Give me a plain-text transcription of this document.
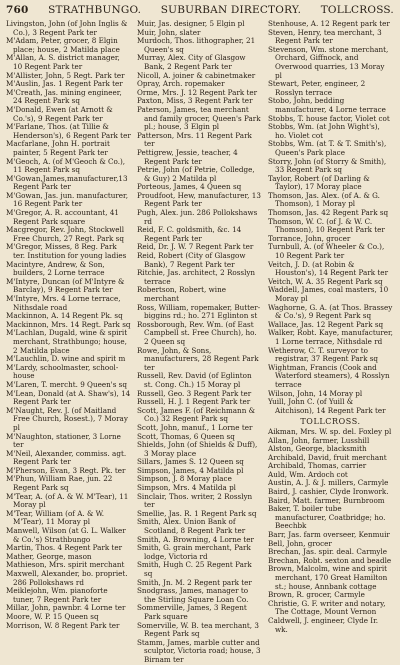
760 STRATHBUNGO. SUBURBAN DIRECTORY. TOLLCROSS.

Livingston, John (of John Inglis & Co.), 3 Regent Park ter

M'Adam, Peter, grocer, 8 Elgin place; house, 2 Matilda place

M'Allan, A. S. district manager, 10 Regent Park ter

M'Allister, John, 5 Regt. Park ter

M'Auslin, Jas. 1 Regent Park ter

M'Creath, Jas. mining engineer, 24 Regent Park sq

M'Donald, Ewen (at Arnott & Co.'s), 9 Regent Park ter

M'Farlane, Thos. (at Tillie & Henderson's), 6 Regent Park ter

Macfarlane, John H. portrait painter, 5 Regent Park ter

M'Geoch, A. (of M'Geoch & Co.), 11 Regent Park sq

M'Gowan,James,manufacturer,13 Regent Park ter

M'Gowan, Jas. jun. manufacturer, 16 Regent Park ter

M'Gregor, A. R. accountant, 41 Regent Park square

Macgregor, Rev. John, Stockwell Free Church, 27 Regt. Park sq

M'Gregor, Misses, 8 Reg. Park ter. Institution for young ladies

Macintyre, Andrew, & Son, builders, 2 Lorne terrace

M'Intyre, Duncan (of M'Intyre & Barclay), 9 Regent Park ter

M'Intyre, Mrs. 4 Lorne terrace, Nithsdale road

Mackinnon, A. 14 Regent Pk. sq

Mackinnon, Mrs. 14 Regt. Park sq

M'Lachlan, Dugald, wine & spirit merchant, Strathbungo; house, 2 Matilda place

M'Lauchlin, D. wine and spirit m

M'Lardy, schoolmaster, school-house

M'Laren, T. mercht. 9 Queen's sq

M'Lean, Donald (at A. Shaw's), 14 Regent Park ter

M'Naught, Rev. J. (of Maitland Free Church, Rosest.), 7 Moray pl

M'Naughton, stationer, 3 Lorne ter

M'Neil, Alexander, commiss. agt. Regent Park ter

M'Pherson, Evan, 3 Regt. Pk. ter

M'Phun, William Rae, jun. 22 Regent Park sq

M'Tear, A. (of A. & W. M'Tear), 11 Moray pl

M'Tear, William (of A. & W. M'Tear), 11 Moray pl

Manwell, Wilson (at G. L. Walker & Co.'s) Strathbungo

Martin, Thos. 4 Regent Park ter

Mather, George, mason

Mathieson, Mrs. spirit merchant

Maxwell, Alexander, bo. propriet. 286 Pollokshaws rd

Meiklejohn, Wm. pianoforte tuner, 7 Regent Park ter

Millar, John, pawnbr. 4 Lorne ter

Moore, W. P. 15 Queen sq

Morrison, W. 8 Regent Park ter

Muir, Jas. designer, 5 Elgin pl

Muir, John, slater

Murdoch, Thos. lithographer, 21 Queen's sq

Murray, Alex. City of Glasgow Bank, 2 Regent Park ter

Nicoll, A. joiner & cabinetmaker

Opray, Arch. ropemaker

Orme, Mrs. J. 12 Regent Park ter

Paxton, Miss, 3 Regent Park ter

Paterson, James, tea merchant and family grocer, Queen's Park pl.; house, 3 Elgin pl

Patterson, Mrs. 11 Regent Park ter

Pettigrew, Jessie, teacher, 4 Regent Park ter

Petrie, John (of Petrie, Colledge, & Guy) 2 Matilda pl

Porteous, James, 4 Queen sq

Proudfoot, Hew, manufacturer, 13 Regent Park ter

Pugh, Alex. jun. 286 Pollokshaws rd

Reid, F. C. goldsmith, &c. 14 Regent Park ter

Reid, Dr. J. W. 7 Regent Park ter

Reid, Robert (City of Glasgow Bank), 7 Regent Park ter

Ritchie, Jas. architect, 2 Rosslyn terrace

Robertson, Robert, wine merchant

Ross, William, ropemaker, Butter-biggins rd.; ho. 271 Eglinton st

Rossborough, Rev. Wm. (of East Campbell st. Free Church), ho. 2 Queen sq

Rowe, John, & Sons, manufacturers, 28 Regent Park ter

Russell, Rev. David (of Eglinton st. Cong. Ch.) 15 Moray pl

Russell, Geo. 3 Regent Park ter

Russell, H. J. 1 Regent Park ter

Scott, James F. (of Reichmann & Co.) 32 Regent Park sq

Scott, John, manuf., 1 Lorne ter

Scott, Thomas, 6 Queen sq

Shields, John (of Shields & Duff), 3 Moray place

Sillars, James S. 12 Queen sq

Simpson, James, 4 Matilda pl

Simpson, J. 8 Moray place

Simpson, Mrs. 4 Matilda pl

Sinclair, Thos. writer, 2 Rosslyn ter

Smellie, Jas. R. 1 Regent Park sq

Smith, Alex. Union Bank of Scotland, 8 Regent Park ter

Smith, A. Browning, 4 Lorne ter

Smith, G. grain merchant, Park lodge, Victoria rd

Smith, Hugh C. 25 Regent Park sq

Smith, Jn. M. 2 Regent park ter

Snodgrass, James, manager to the Stirling Square Loan Co.

Sommerville, James, 3 Regent Park square

Somerville, W. B. tea merchant, 3 Regent Park sq

Stamm, James, marble cutter and sculptor, Victoria road; house, 3 Birnam ter

Stenhouse, A. 12 Regent park ter

Steven, Henry, tea merchant, 3 Regent Park ter

Stevenson, Wm. stone merchant, Orchard, Giffnock, and Overwood quarries, 13 Moray pl

Stewart, Peter, engineer, 2 Rosslyn terrace

Stobo, John, bedding manufacturer, 4 Lorne terrace

Stobbs, T. house factor, Violet cot

Stobbs, Wm. (at John Wight's), ho. Violet cot

Stobbs, Wm. (at T. & T. Smith's), Queen's Park place

Storry, John (of Storry & Smith), 33 Regent Park sq

Taylor, Robert (of Darling & Taylor), 17 Moray place

Thomson, Jas. Alex. (of A. & G. Thomson), 1 Moray pl

Thomson, Jas. 42 Regent Park sq

Thomson, W. C. (of J. & W. C. Thomson), 10 Regent Park ter

Torrance, John, grocer

Turnbull, A. (of Wheeler & Co.), 10 Regent Park ter

Veitch, J. D. (at Robin & Houston's), 14 Regent Park ter

Veitch, W. A. 35 Regent Park sq

Waddell, James, coal masters, 10 Moray pl

Waghorne, G. A. (at Thos. Brassey & Co.'s), 9 Regent Park sq

Wallace, Jas. 12 Regent Park sq

Walker, Robt. Kaye, manufacturer, 1 Lorne terrace, Nithsdale rd

Wetherow, C. T. surveyor to registrar, 37 Regent Park sq

Wightman, Francis (Cook and Waterford steamers), 4 Rosslyn terrace

Wilson, John, 14 Moray pl

Yuill, John C. (of Yuill & Aitchison), 14 Regent Park ter

TOLLCROSS.

Aikman, Mrs. W. sp. del. Foxley pl

Allan, John, farmer, Lusshill

Alston, George, blacksmith

Archibald, David, fruit merchant

Archibald, Thomas, carrier

Auld, Wm. Ardoch cot

Austin, A. J. & J. millers, Carmyle

Baird, J. cashier, Clyde Ironwork.

Baird, Matt. farmer, Burnbroom

Baker, T. boiler tube manufacturer, Coatbridge; ho. Beechbk

Barr, Jas. farm overseer, Kenmuir

Bell, John, grocer

Brechan, Jas. spir. deal. Carmyle

Brechan, Robt. sexton and beadle

Brown, Malcolm, wine and spirit merchant, 170 Great Hamilton st.; house, Annbank cottage

Brown, R. grocer, Carmyle

Christie, G. F. writer and notary, The Cottage, Mount Vernon

Caldwell, J. engineer, Clyde Ir. wk.
